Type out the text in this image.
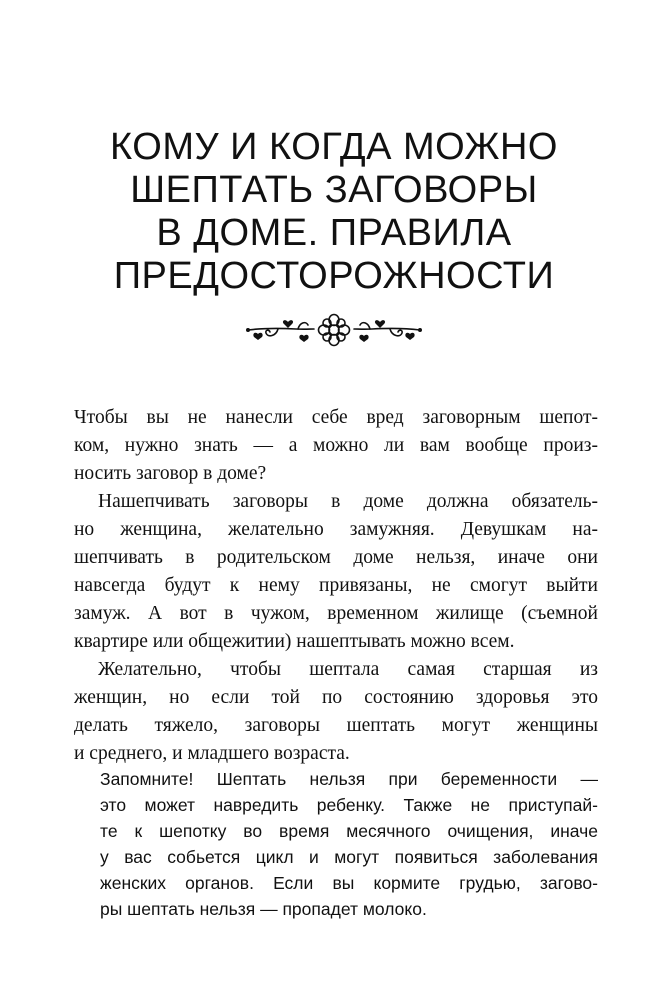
КОМУ И КОГДА МОЖНО
ШЕПТАТЬ ЗАГОВОРЫ
В ДОМЕ. ПРАВИЛА
ПРЕДОСТОРОЖНОСТИ
Чтобы вы не нанесли себе вред заговорным шепот-
ком, нужно знать — а можно ли вам вообще произ-
носить заговор в доме?
Нашепчивать заговоры в доме должна обязатель-
но женщина, желательно замужняя. Девушкам на-
шепчивать в родительском доме нельзя, иначе они
навсегда будут к нему привязаны, не смогут выйти
замуж. А вот в чужом, временном жилище (съемной
квартире или общежитии) нашептывать можно всем.
Желательно, чтобы шептала самая старшая из
женщин, но если той по состоянию здоровья это
делать тяжело, заговоры шептать могут женщины
и среднего, и младшего возраста.
Запомните! Шептать нельзя при беременности —
это может навредить ребенку. Также не приступай-
те к шепотку во время месячного очищения, иначе
у вас собьется цикл и могут появиться заболевания
женских органов. Если вы кормите грудью, загово-
ры шептать нельзя — пропадет молоко.
